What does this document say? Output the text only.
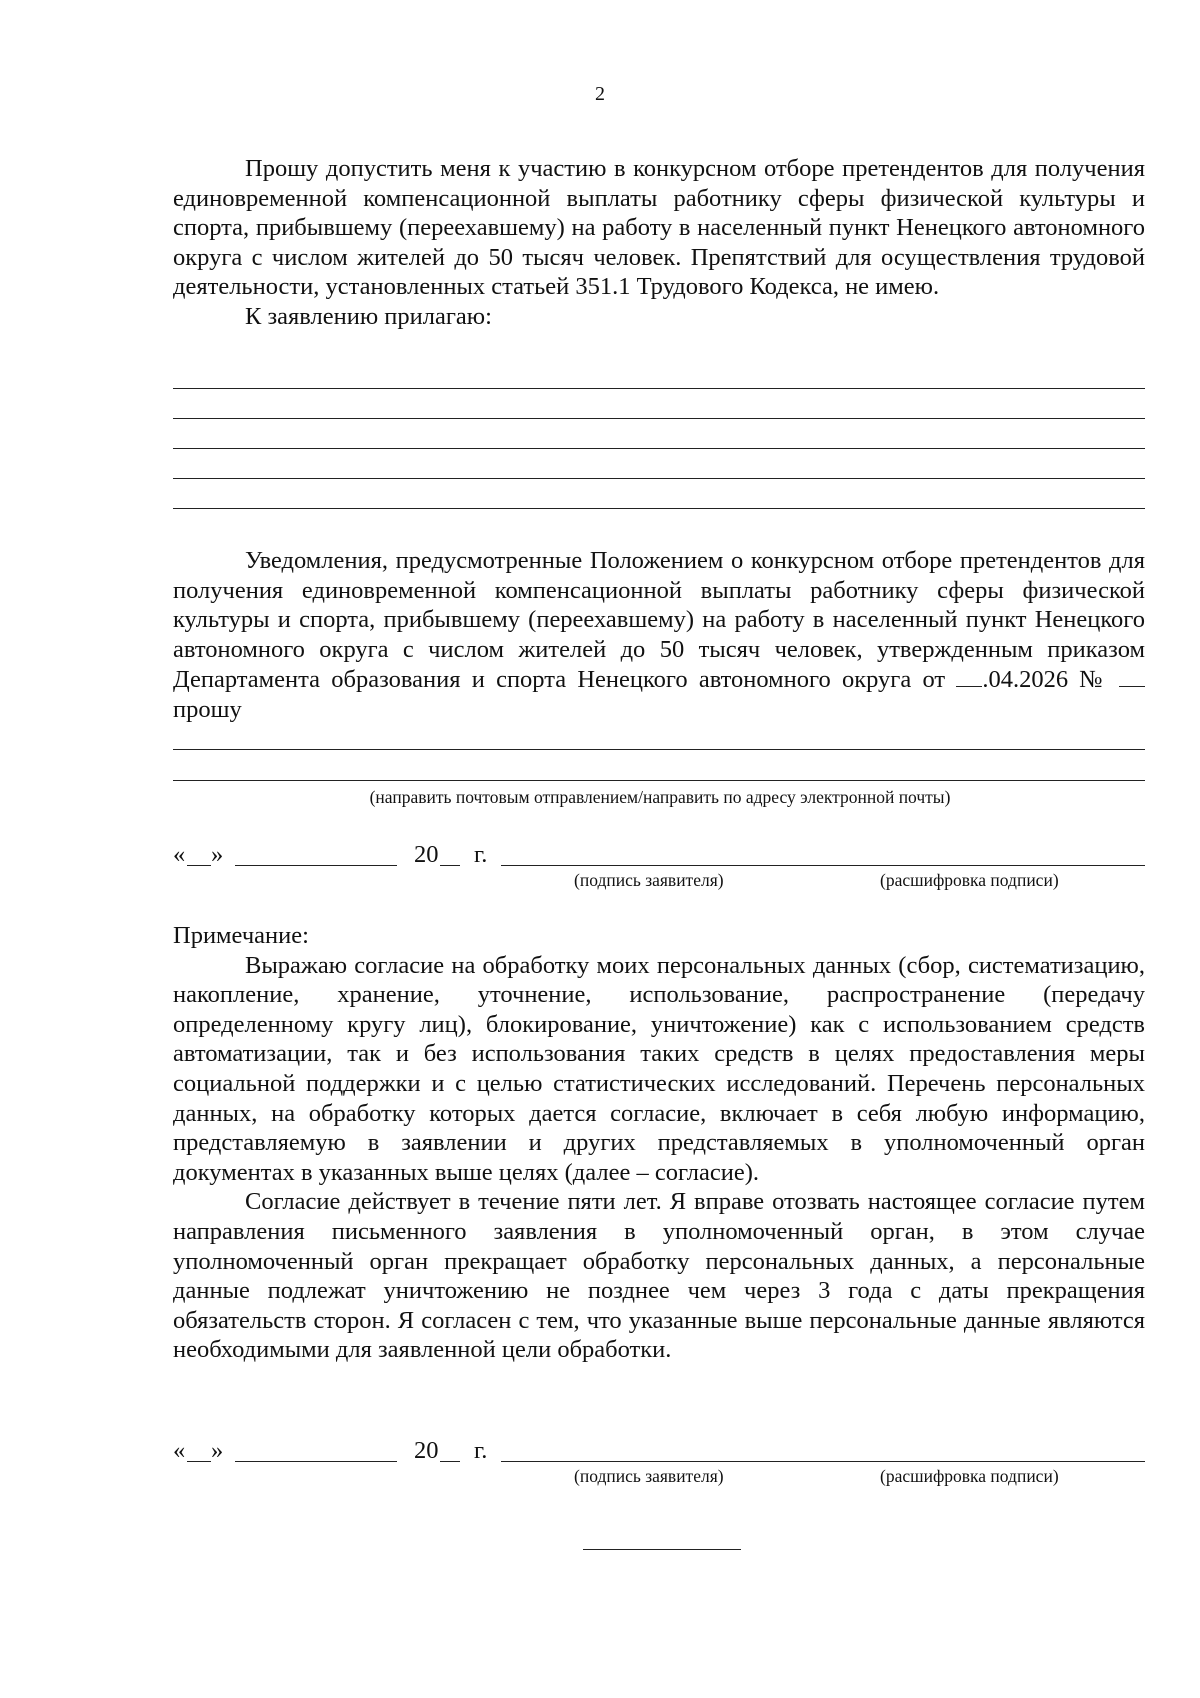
2
Прошу допустить меня к участию в конкурсном отборе претендентов для получения единовременной компенсационной выплаты работнику сферы физической культуры и спорта, прибывшему (переехавшему) на работу в населенный пункт Ненецкого автономного округа с числом жителей до 50 тысяч человек. Препятствий для осуществления трудовой деятельности, установленных статьей 351.1 Трудового Кодекса, не имею.
К заявлению прилагаю:
Уведомления, предусмотренные Положением о конкурсном отборе претендентов для получения единовременной компенсационной выплаты работнику сферы физической культуры и спорта, прибывшему (переехавшему) на работу в населенный пункт Ненецкого автономного округа с числом жителей до 50 тысяч человек, утвержденным приказом Департамента образования и спорта Ненецкого автономного округа от .04.2026 №  прошу
(направить почтовым отправлением/направить по адресу электронной почты)
« »	20 г.
(подпись заявителя)	(расшифровка подписи)
Примечание:
Выражаю согласие на обработку моих персональных данных (сбор, систематизацию, накопление, хранение, уточнение, использование, распространение (передачу определенному кругу лиц), блокирование, уничтожение) как с использованием средств автоматизации, так и без использования таких средств в целях предоставления меры социальной поддержки и с целью статистических исследований. Перечень персональных данных, на обработку которых дается согласие, включает в себя любую информацию, представляемую в заявлении и других представляемых в уполномоченный орган документах в указанных выше целях (далее – согласие).
Согласие действует в течение пяти лет. Я вправе отозвать настоящее согласие путем направления письменного заявления в уполномоченный орган, в этом случае уполномоченный орган прекращает обработку персональных данных, а персональные данные подлежат уничтожению не позднее чем через 3 года с даты прекращения обязательств сторон. Я согласен с тем, что указанные выше персональные данные являются необходимыми для заявленной цели обработки.
« »	20 г.
(подпись заявителя)	(расшифровка подписи)
